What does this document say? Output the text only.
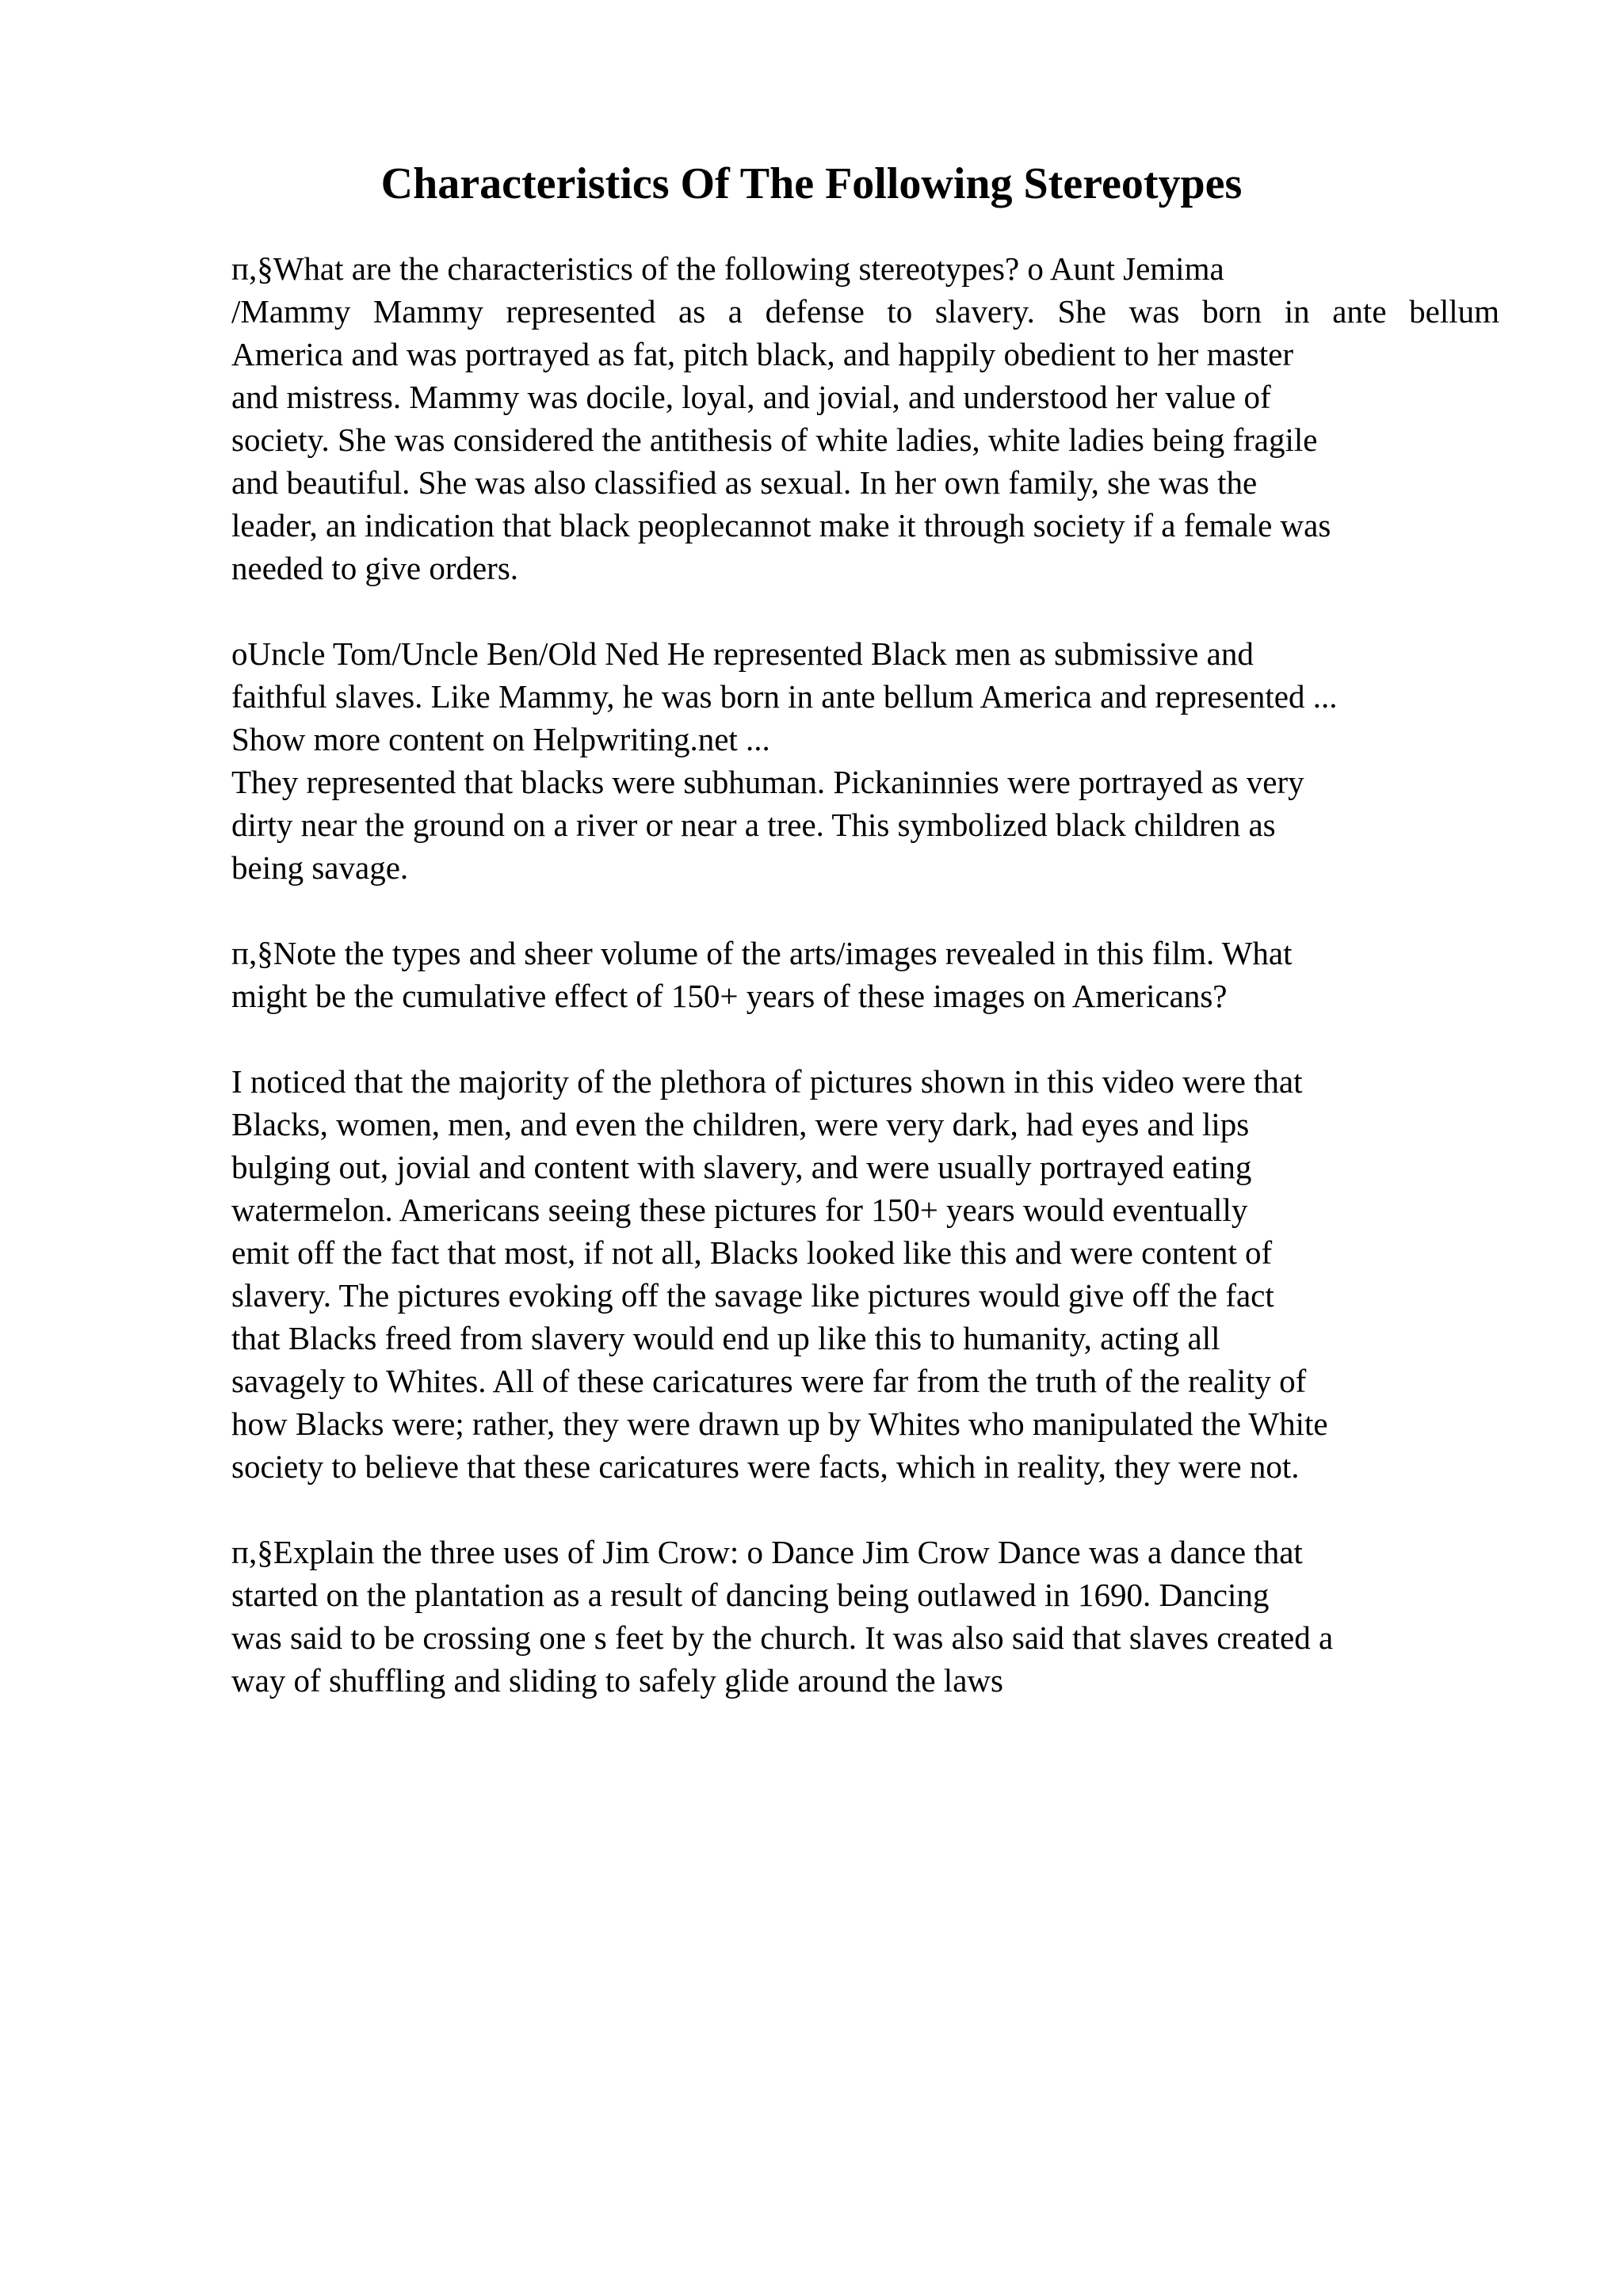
Characteristics Of The Following Stereotypes

п,§What are the characteristics of the following stereotypes? o Aunt Jemima
/Mammy Mammy represented as a defense to slavery. She was born in ante bellum
America and was portrayed as fat, pitch black, and happily obedient to her master
and mistress. Mammy was docile, loyal, and jovial, and understood her value of
society. She was considered the antithesis of white ladies, white ladies being fragile
and beautiful. She was also classified as sexual. In her own family, she was the
leader, an indication that black peoplecannot make it through society if a female was
needed to give orders.

oUncle Tom/Uncle Ben/Old Ned He represented Black men as submissive and
faithful slaves. Like Mammy, he was born in ante bellum America and represented ...
Show more content on Helpwriting.net ...
They represented that blacks were subhuman. Pickaninnies were portrayed as very
dirty near the ground on a river or near a tree. This symbolized black children as
being savage.

п,§Note the types and sheer volume of the arts/images revealed in this film. What
might be the cumulative effect of 150+ years of these images on Americans?

I noticed that the majority of the plethora of pictures shown in this video were that
Blacks, women, men, and even the children, were very dark, had eyes and lips
bulging out, jovial and content with slavery, and were usually portrayed eating
watermelon. Americans seeing these pictures for 150+ years would eventually
emit off the fact that most, if not all, Blacks looked like this and were content of
slavery. The pictures evoking off the savage like pictures would give off the fact
that Blacks freed from slavery would end up like this to humanity, acting all
savagely to Whites. All of these caricatures were far from the truth of the reality of
how Blacks were; rather, they were drawn up by Whites who manipulated the White
society to believe that these caricatures were facts, which in reality, they were not.

п,§Explain the three uses of Jim Crow: o Dance Jim Crow Dance was a dance that
started on the plantation as a result of dancing being outlawed in 1690. Dancing
was said to be crossing one s feet by the church. It was also said that slaves created a
way of shuffling and sliding to safely glide around the laws
